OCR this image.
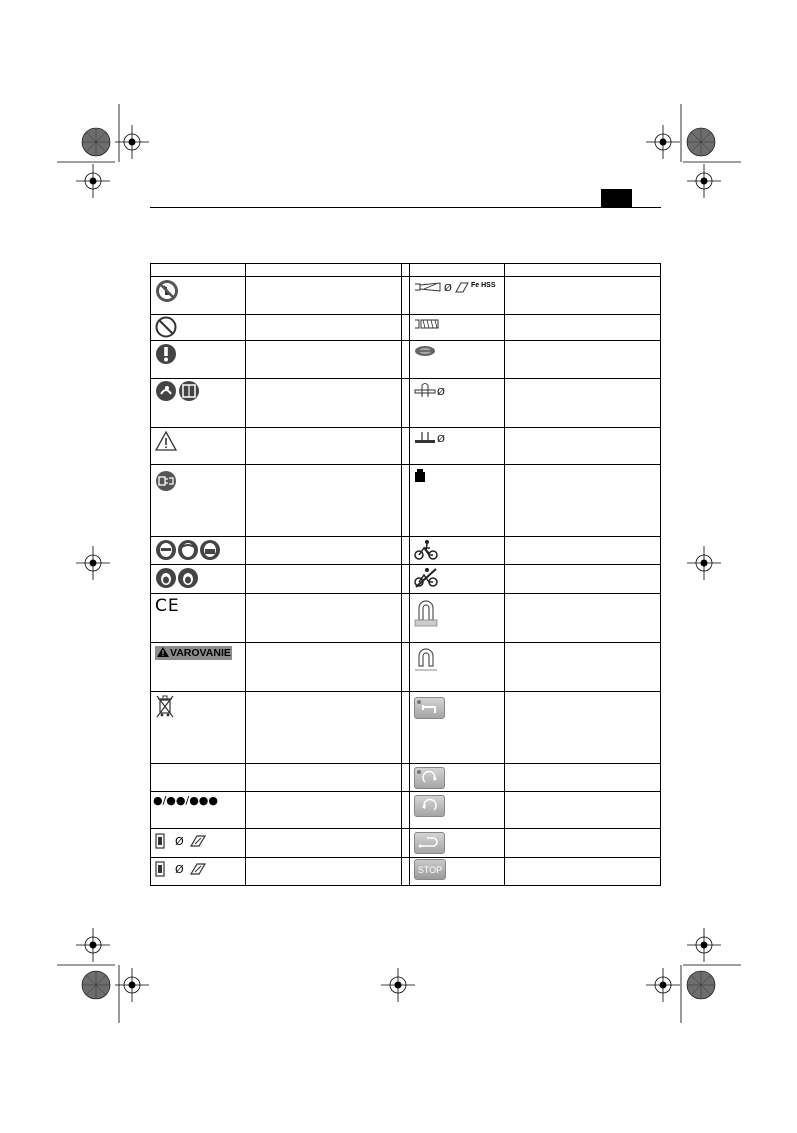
CE
VAROVANIE
●/●●/●●●
Ø
Ø
Ø	Fe HSS
Ø
Ø
STOP
